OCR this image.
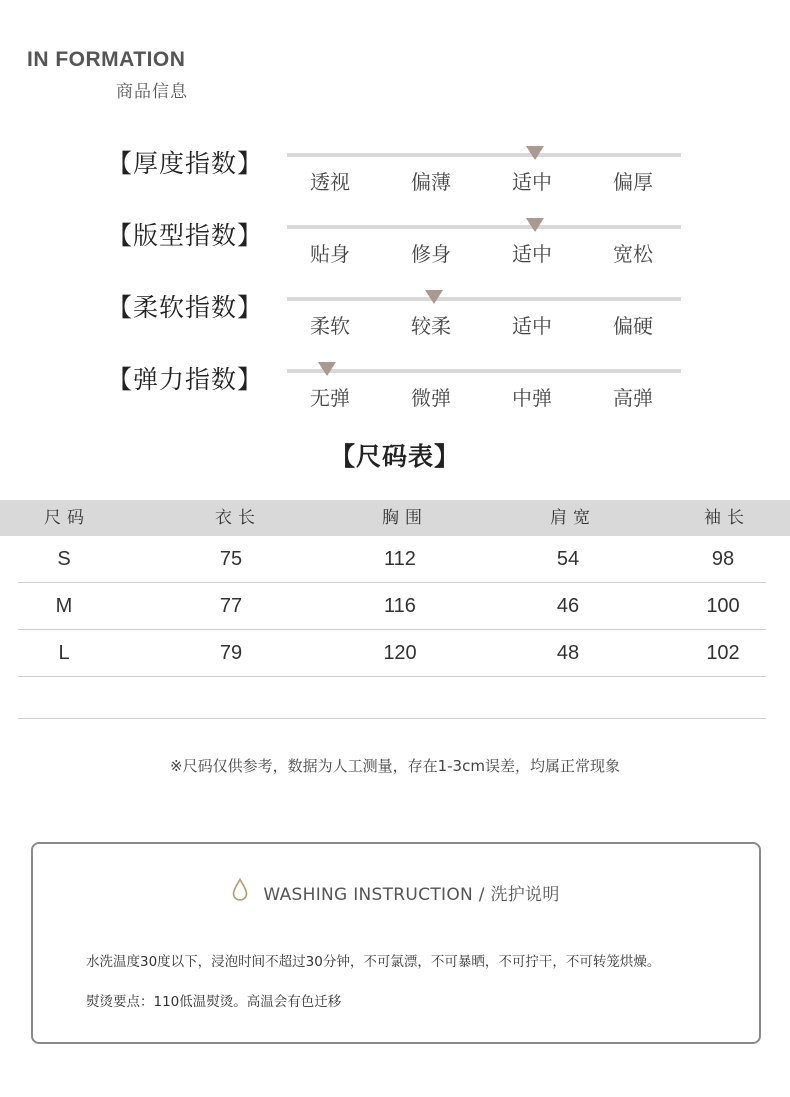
IN FORMATION
商品信息
【厚度指数】
透视	偏薄	适中	偏厚
【版型指数】
贴身	修身	适中	宽松
【柔软指数】
柔软	较柔	适中	偏硬
【弹力指数】
无弹	微弹	中弹	高弹
【尺码表】
尺码	衣长	胸围	肩宽	袖长
S	75	112	54	98
M	77	116	46	100
L	79	120	48	102
※尺码仅供参考，数据为人工测量，存在1-3cm误差，均属正常现象
WASHING INSTRUCTION / 洗护说明
水洗温度30度以下，浸泡时间不超过30分钟，不可氯漂，不可暴晒，不可拧干，不可转笼烘燥。
熨烫要点：110低温熨烫。高温会有色迁移
